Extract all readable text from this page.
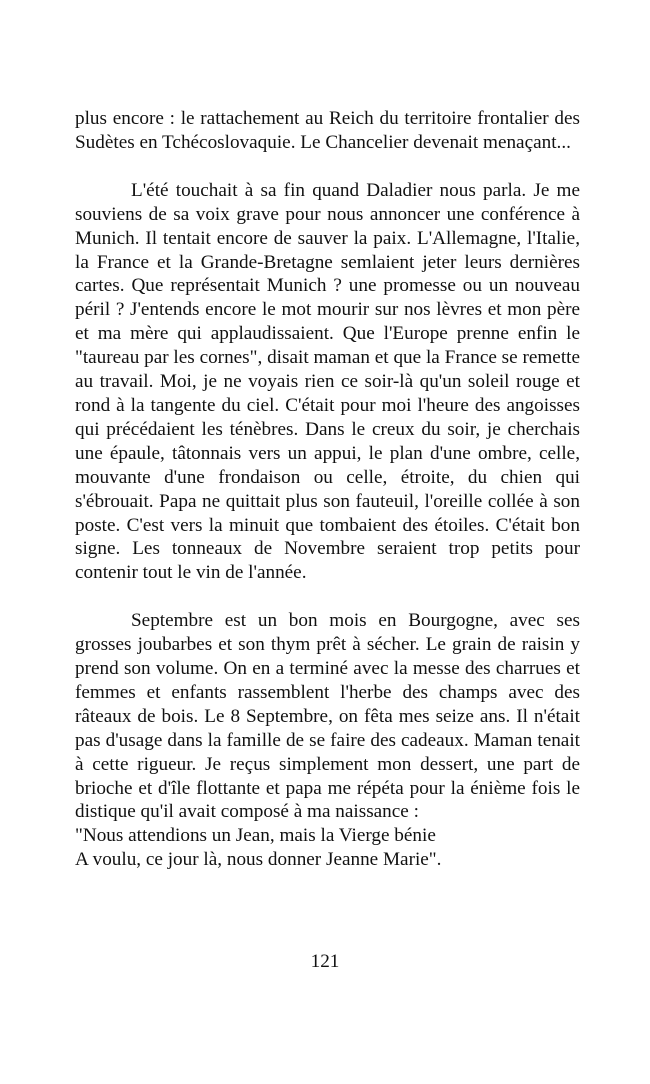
plus encore : le rattachement au Reich du territoire frontalier des Sudètes en Tchécoslovaquie. Le Chancelier devenait menaçant...

L'été touchait à sa fin quand Daladier nous parla. Je me souviens de sa voix grave pour nous annoncer une conférence à Munich. Il tentait encore de sauver la paix. L'Allemagne, l'Italie, la France et la Grande-Bretagne semlaient jeter leurs dernières cartes. Que représentait Munich ? une promesse ou un nouveau péril ? J'entends encore le mot mourir sur nos lèvres et mon père et ma mère qui applaudissaient. Que l'Europe prenne enfin le "taureau par les cornes", disait maman et que la France se remette au travail. Moi, je ne voyais rien ce soir-là qu'un soleil rouge et rond à la tangente du ciel. C'était pour moi l'heure des angoisses qui précédaient les ténèbres. Dans le creux du soir, je cherchais une épaule, tâtonnais vers un appui, le plan d'une ombre, celle, mouvante d'une frondaison ou celle, étroite, du chien qui s'ébrouait. Papa ne quittait plus son fauteuil, l'oreille collée à son poste. C'est vers la minuit que tombaient des étoiles. C'était bon signe. Les tonneaux de Novembre seraient trop petits pour contenir tout le vin de l'année.

Septembre est un bon mois en Bourgogne, avec ses grosses joubarbes et son thym prêt à sécher. Le grain de raisin y prend son volume. On en a terminé avec la messe des charrues et femmes et enfants rassemblent l'herbe des champs avec des râteaux de bois. Le 8 Septembre, on fêta mes seize ans. Il n'était pas d'usage dans la famille de se faire des cadeaux. Maman tenait à cette rigueur. Je reçus simplement mon dessert, une part de brioche et d'île flottante et papa me répéta pour la énième fois le distique qu'il avait composé à ma naissance :

"Nous attendions un Jean, mais la Vierge bénie

A voulu, ce jour là, nous donner Jeanne Marie".

121
